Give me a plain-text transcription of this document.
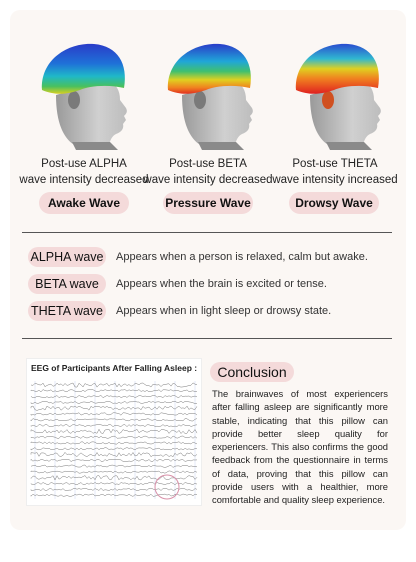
Post-use ALPHA
wave intensity decreased
Post-use BETA
wave intensity decreased
Post-use THETA
wave intensity increased
Awake Wave	Pressure Wave	Drowsy Wave
ALPHA wave Appears when a person is relaxed, calm but awake.
BETA wave	Appears when the brain is excited or tense.
THETA wave Appears when in light sleep or drowsy state.
EEG of Participants After Falling Asleep :	Conclusion
The brainwaves of most experiencers after falling asleep are significantly more stable, indicating that this pillow can provide better sleep quality for experiencers. This also confirms the good feedback from the questionnaire in terms of data, proving that this pillow can provide users with a healthier, more comfortable and quality sleep experience.
